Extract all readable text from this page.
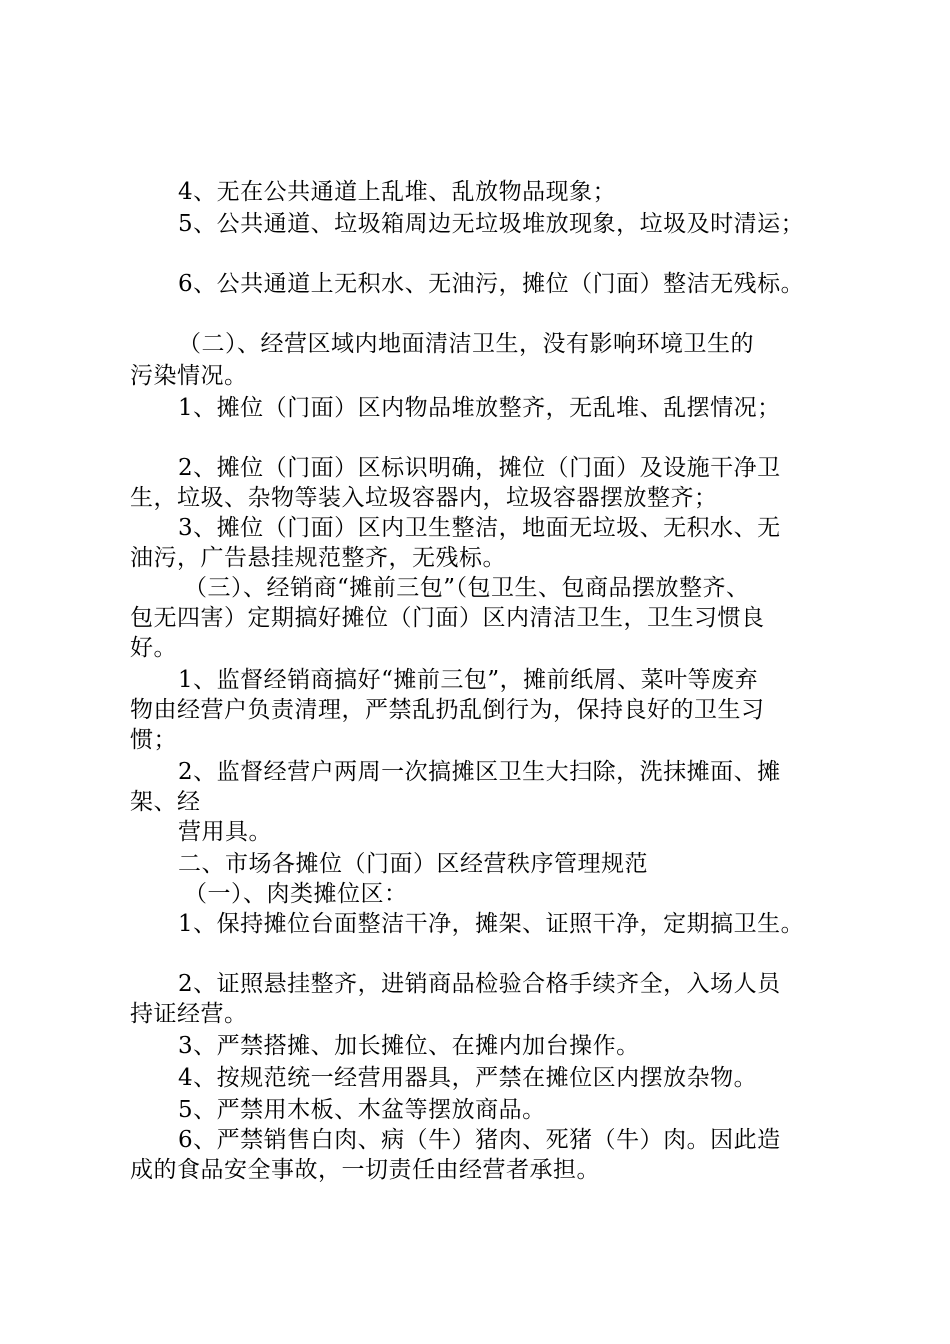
4、无在公共通道上乱堆、乱放物品现象；
5、公共通道、垃圾箱周边无垃圾堆放现象，垃圾及时清运；
6、公共通道上无积水、无油污，摊位（门面）整洁无残标。
（二）、经营区域内地面清洁卫生，没有影响环境卫生的
污染情况。
1、摊位（门面）区内物品堆放整齐，无乱堆、乱摆情况；
2、摊位（门面）区标识明确，摊位（门面）及设施干净卫
生，垃圾、杂物等装入垃圾容器内，垃圾容器摆放整齐；
3、摊位（门面）区内卫生整洁，地面无垃圾、无积水、无
油污，广告悬挂规范整齐，无残标。
（三）、经销商“摊前三包”（包卫生、包商品摆放整齐、
包无四害）定期搞好摊位（门面）区内清洁卫生，卫生习惯良
好。
1、监督经销商搞好“摊前三包”，摊前纸屑、菜叶等废弃
物由经营户负责清理，严禁乱扔乱倒行为，保持良好的卫生习
惯；
2、监督经营户两周一次搞摊区卫生大扫除，洗抹摊面、摊
架、经
营用具。
二、市场各摊位（门面）区经营秩序管理规范
（一）、肉类摊位区：
1、保持摊位台面整洁干净，摊架、证照干净，定期搞卫生。
2、证照悬挂整齐，进销商品检验合格手续齐全，入场人员
持证经营。
3、严禁搭摊、加长摊位、在摊内加台操作。
4、按规范统一经营用器具，严禁在摊位区内摆放杂物。
5、严禁用木板、木盆等摆放商品。
6、严禁销售白肉、病（牛）猪肉、死猪（牛）肉。因此造
成的食品安全事故，一切责任由经营者承担。
